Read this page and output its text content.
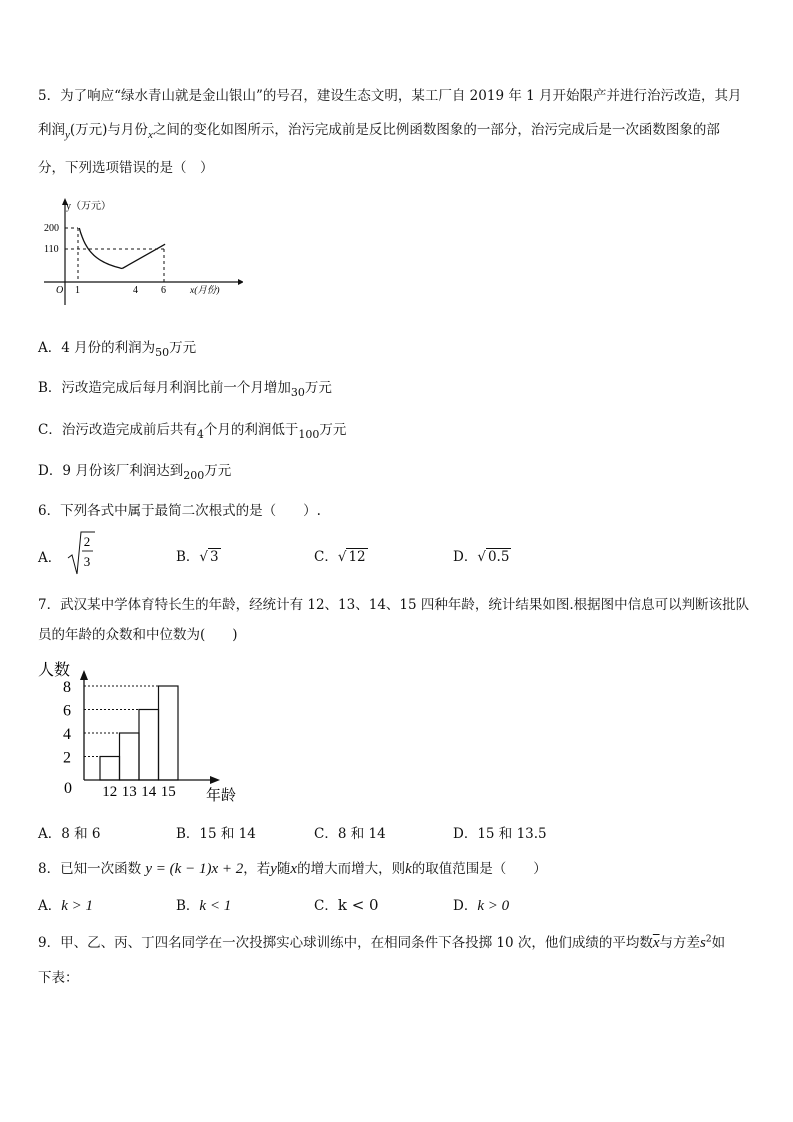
5．为了响应“绿水青山就是金山银山”的号召，建设生态文明，某工厂自 2019 年 1 月开始限产并进行治污改造，其月
利润$_y$(万元)与月份$_x$之间的变化如图所示，治污完成前是反比例函数图象的一部分，治污完成后是一次函数图象的部
分，下列选项错误的是（　）
y（万元）
200
110
O 1	4 6	x(月份)
A．4 月份的利润为$_{50}$万元
B．污改造完成后每月利润比前一个月增加$_{30}$万元
C．治污改造完成前后共有$_4$个月的利润低于$_{100}$万元
D．9 月份该厂利润达到$_{200}$万元
6．下列各式中属于最简二次根式的是（　　）.
A．
2
3	B．√ 3	C．√ 12	D．√ 0.5
7．武汉某中学体育特长生的年龄，经统计有 12、13、14、15 四种年龄，统计结果如图.根据图中信息可以判断该批队
员的年龄的众数和中位数为(　　)
人数
0
2
12
4
13
6
14
8
15 年龄
A．8 和 6	B．15 和 14	C．8 和 14	D．15 和 13.5
8．已知一次函数 y = (k − 1)x + 2，若y随x的增大而增大，则k的取值范围是（　　）
A．k > 1	B．k < 1	C．k < 0	D．k > 0
9．甲、乙、丙、丁四名同学在一次投掷实心球训练中，在相同条件下各投掷 10 次，他们成绩的平均数$\overline{x}$与方差$s^2$如
下表：
